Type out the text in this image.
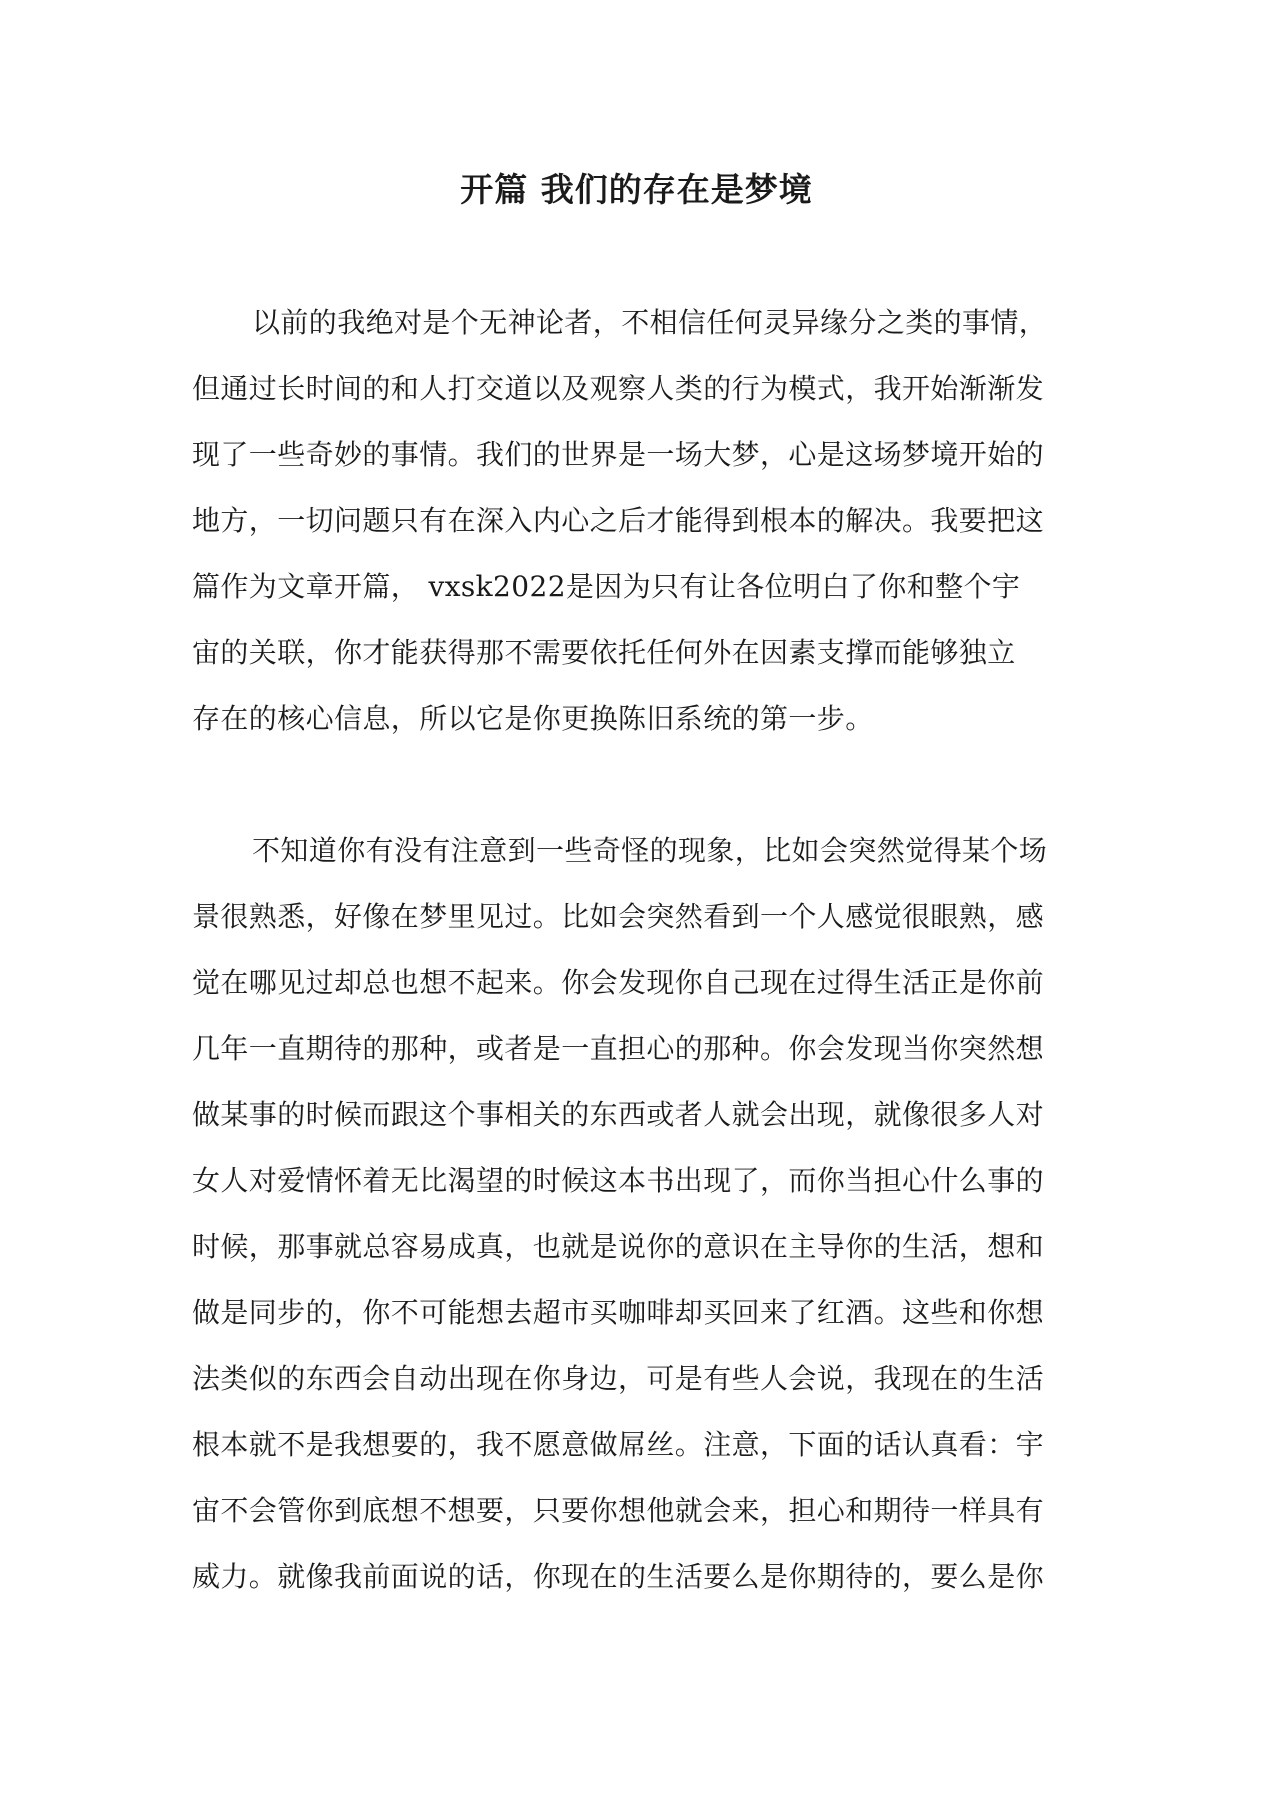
开篇 我们的存在是梦境
以前的我绝对是个无神论者，不相信任何灵异缘分之类的事情，
但通过长时间的和人打交道以及观察人类的行为模式，我开始渐渐发
现了一些奇妙的事情。我们的世界是一场大梦，心是这场梦境开始的
地方，一切问题只有在深入内心之后才能得到根本的解决。我要把这
篇作为文章开篇， vxsk2022是因为只有让各位明白了你和整个宇
宙的关联，你才能获得那不需要依托任何外在因素支撑而能够独立
存在的核心信息，所以它是你更换陈旧系统的第一步。
不知道你有没有注意到一些奇怪的现象，比如会突然觉得某个场
景很熟悉，好像在梦里见过。比如会突然看到一个人感觉很眼熟，感
觉在哪见过却总也想不起来。你会发现你自己现在过得生活正是你前
几年一直期待的那种，或者是一直担心的那种。你会发现当你突然想
做某事的时候而跟这个事相关的东西或者人就会出现，就像很多人对
女人对爱情怀着无比渴望的时候这本书出现了，而你当担心什么事的
时候，那事就总容易成真，也就是说你的意识在主导你的生活，想和
做是同步的，你不可能想去超市买咖啡却买回来了红酒。这些和你想
法类似的东西会自动出现在你身边，可是有些人会说，我现在的生活
根本就不是我想要的，我不愿意做屌丝。注意，下面的话认真看：宇
宙不会管你到底想不想要，只要你想他就会来，担心和期待一样具有
威力。就像我前面说的话，你现在的生活要么是你期待的，要么是你
